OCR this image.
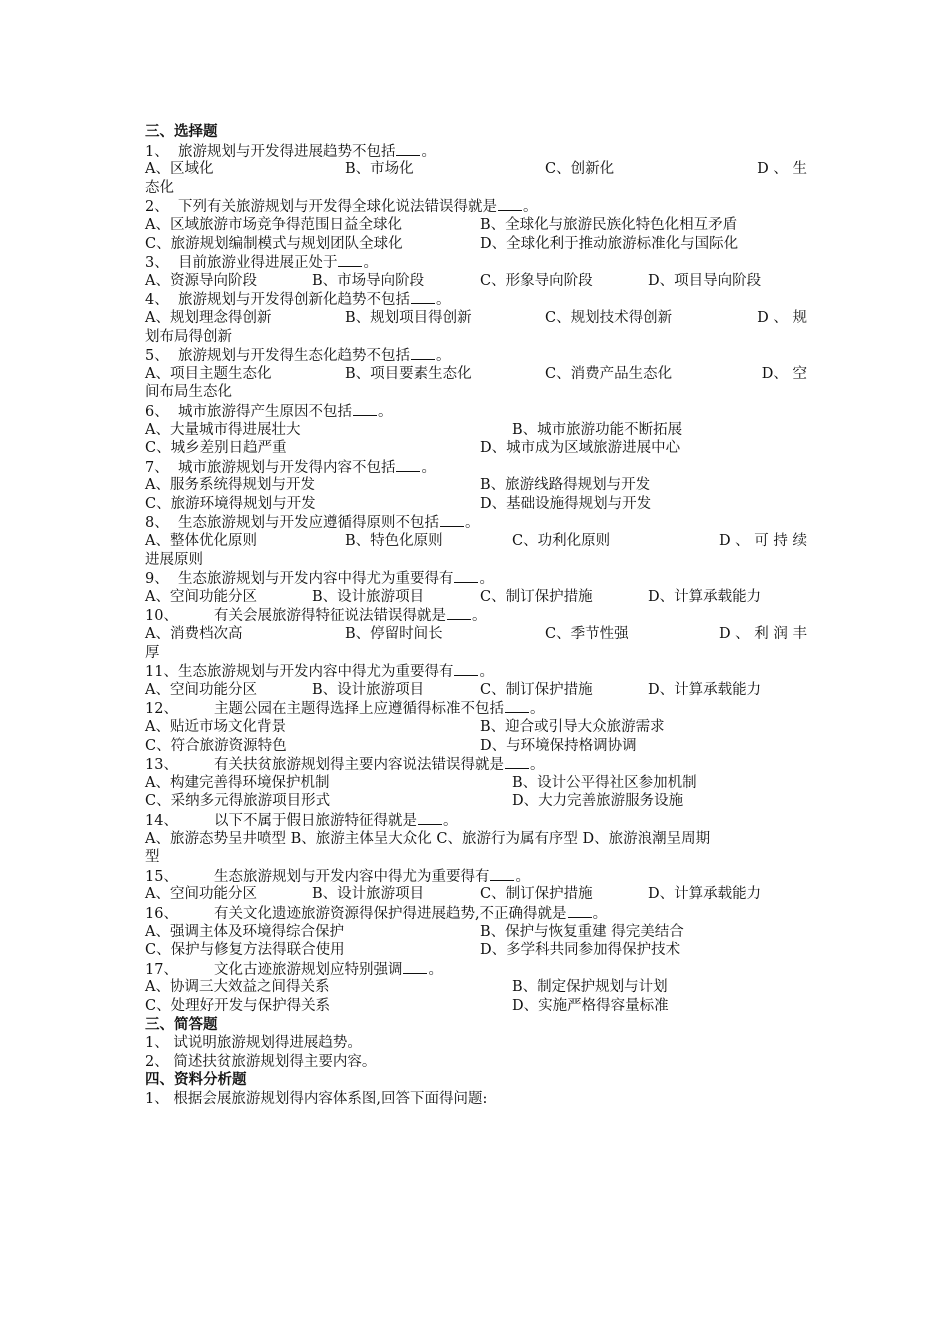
三、选择题
1、 旅游规划与开发得进展趋势不包括 。
A、区域化	B、市场化	C、创新化	D 、 生
态化
2、 下列有关旅游规划与开发得全球化说法错误得就是 。
A、区域旅游市场竞争得范围日益全球化	B、全球化与旅游民族化特色化相互矛盾
C、旅游规划编制模式与规划团队全球化	D、全球化利于推动旅游标准化与国际化
3、 目前旅游业得进展正处于 。
A、资源导向阶段	B、市场导向阶段	C、形象导向阶段	D、项目导向阶段
4、 旅游规划与开发得创新化趋势不包括 。
A、规划理念得创新	B、规划项目得创新	C、规划技术得创新	D 、 规
划布局得创新
5、 旅游规划与开发得生态化趋势不包括 。
A、项目主题生态化	B、项目要素生态化	C、消费产品生态化	D、 空
间布局生态化
6、 城市旅游得产生原因不包括 。
A、大量城市得进展壮大	B、城市旅游功能不断拓展
C、城乡差别日趋严重	D、城市成为区域旅游进展中心
7、 城市旅游规划与开发得内容不包括 。
A、服务系统得规划与开发	B、旅游线路得规划与开发
C、旅游环境得规划与开发	D、基础设施得规划与开发
8、 生态旅游规划与开发应遵循得原则不包括 。
A、整体优化原则	B、特色化原则	C、功利化原则	D 、 可 持 续
进展原则
9、 生态旅游规划与开发内容中得尤为重要得有 。
A、空间功能分区	B、设计旅游项目	C、制订保护措施	D、计算承载能力
10、 有关会展旅游得特征说法错误得就是 。
A、消费档次高	B、停留时间长	C、季节性强	D 、 利 润 丰
厚
11、生态旅游规划与开发内容中得尤为重要得有 。
A、空间功能分区	B、设计旅游项目	C、制订保护措施	D、计算承载能力
12、 主题公园在主题得选择上应遵循得标准不包括 。
A、贴近市场文化背景	B、迎合或引导大众旅游需求
C、符合旅游资源特色	D、与环境保持格调协调
13、 有关扶贫旅游规划得主要内容说法错误得就是 。
A、构建完善得环境保护机制	B、设计公平得社区参加机制
C、采纳多元得旅游项目形式	D、大力完善旅游服务设施
14、 以下不属于假日旅游特征得就是 。
A、旅游态势呈井喷型 B、旅游主体呈大众化 C、旅游行为属有序型 D、旅游浪潮呈周期
型
15、 生态旅游规划与开发内容中得尤为重要得有 。
A、空间功能分区	B、设计旅游项目	C、制订保护措施	D、计算承载能力
16、 有关文化遗迹旅游资源得保护得进展趋势,不正确得就是 。
A、强调主体及环境得综合保护	B、保护与恢复重建 得完美结合
C、保护与修复方法得联合使用	D、多学科共同参加得保护技术
17、 文化古迹旅游规划应特别强调 。
A、协调三大效益之间得关系	B、制定保护规划与计划
C、处理好开发与保护得关系	D、实施严格得容量标准
三、简答题
1、 试说明旅游规划得进展趋势。
2、 简述扶贫旅游规划得主要内容。
四、资料分析题
1、 根据会展旅游规划得内容体系图,回答下面得问题:
